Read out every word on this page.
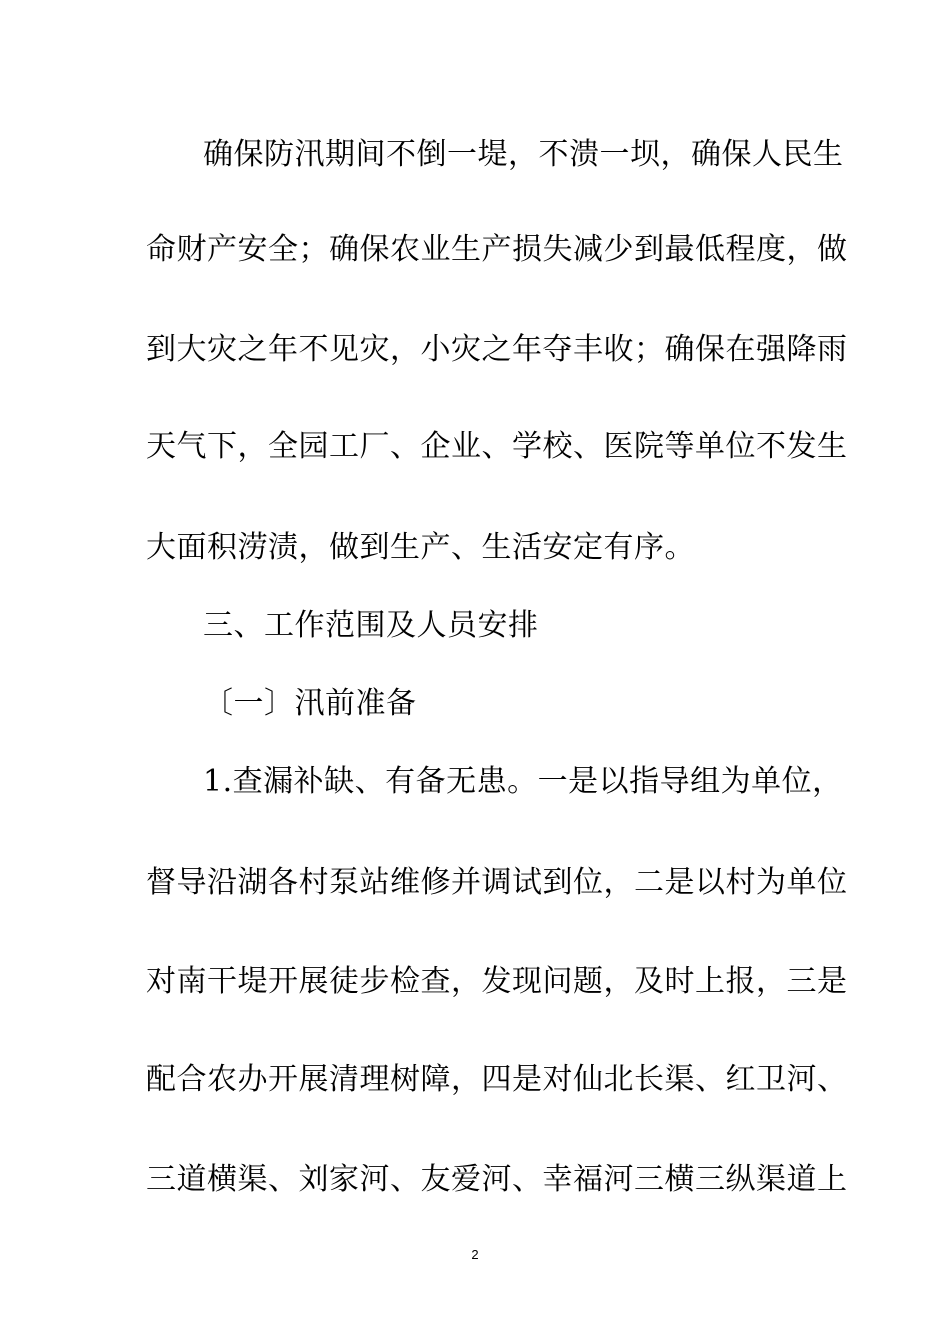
确保防汛期间不倒一堤，不溃一坝，确保人民生
命财产安全；确保农业生产损失减少到最低程度，做
到大灾之年不见灾，小灾之年夺丰收；确保在强降雨
天气下，全园工厂、企业、学校、医院等单位不发生
大面积涝渍，做到生产、生活安定有序。
三、工作范围及人员安排
〔一〕汛前准备
1.查漏补缺、有备无患。一是以指导组为单位，
督导沿湖各村泵站维修并调试到位，二是以村为单位
对南干堤开展徒步检查，发现问题，及时上报，三是
配合农办开展清理树障，四是对仙北长渠、红卫河、
三道横渠、刘家河、友爱河、幸福河三横三纵渠道上
2
